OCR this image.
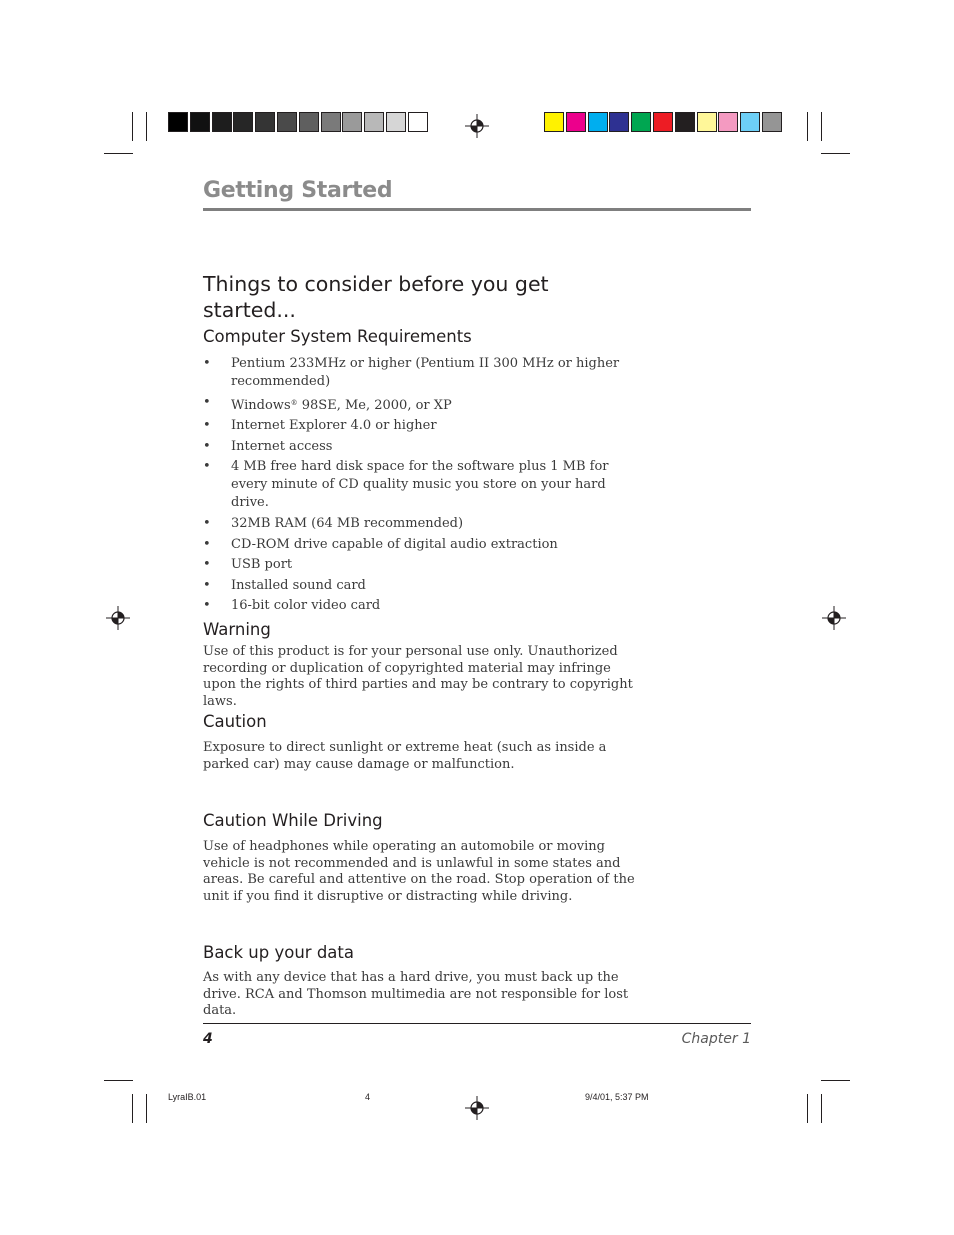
Getting Started
Things to consider before you get started...
Computer System Requirements
• Pentium 233MHz or higher (Pentium II 300 MHz or higher recommended)
• Windows® 98SE, Me, 2000, or XP
• Internet Explorer 4.0 or higher
• Internet access
• 4 MB free hard disk space for the software plus 1 MB for every minute of CD quality music you store on your hard drive.
• 32MB RAM (64 MB recommended)
• CD-ROM drive capable of digital audio extraction
• USB port
• Installed sound card
• 16-bit color video card
Warning

Use of this product is for your personal use only. Unauthorized recording or duplication of copyrighted material may infringe upon the rights of third parties and may be contrary to copyright laws.

Caution

Exposure to direct sunlight or extreme heat (such as inside a parked car) may cause damage or malfunction.

Caution While Driving

Use of headphones while operating an automobile or moving vehicle is not recommended and is unlawful in some states and areas. Be careful and attentive on the road. Stop operation of the unit if you find it disruptive or distracting while driving.

Back up your data

As with any device that has a hard drive, you must back up the drive. RCA and Thomson multimedia are not responsible for lost data.

4	Chapter 1
LyraIB.01	4	9/4/01, 5:37 PM
